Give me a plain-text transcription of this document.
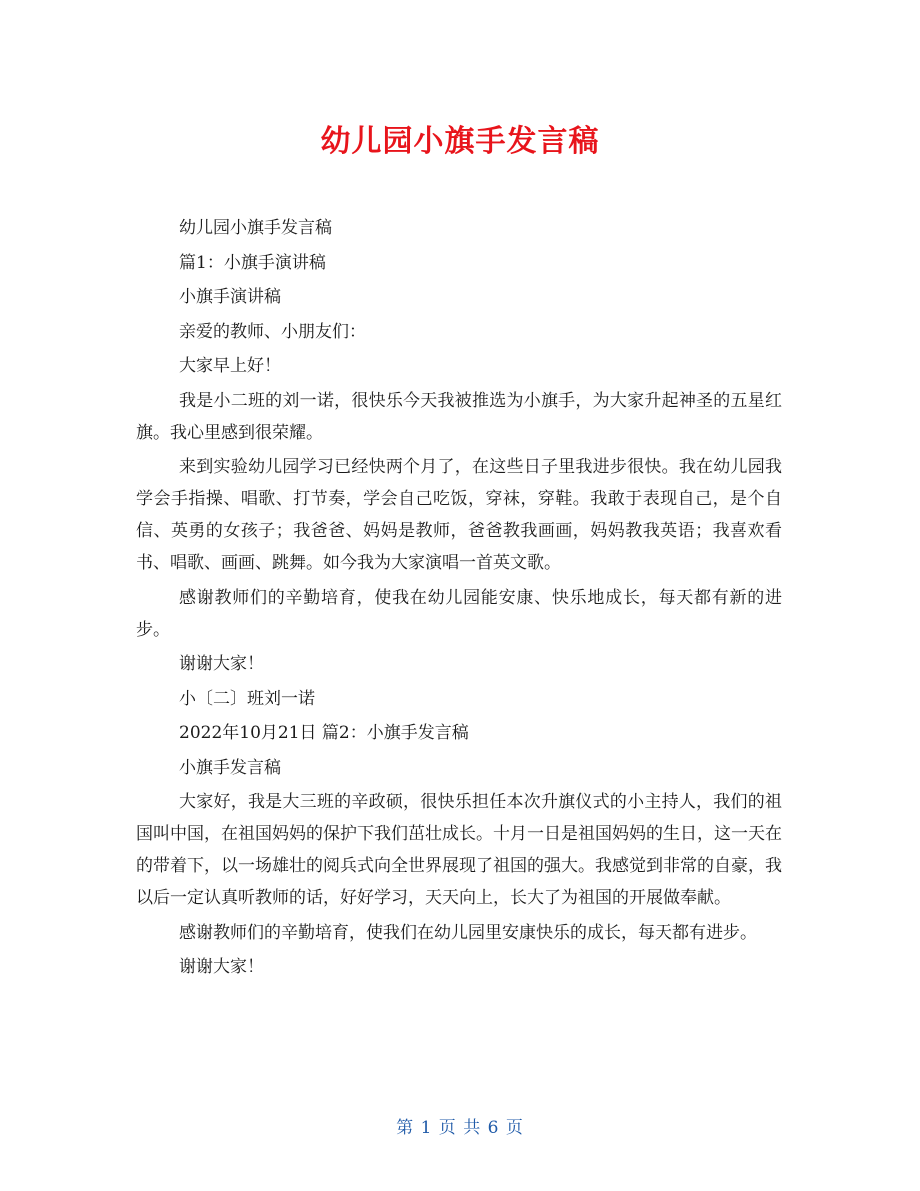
幼儿园小旗手发言稿

幼儿园小旗手发言稿

篇1：小旗手演讲稿

小旗手演讲稿

亲爱的教师、小朋友们：

大家早上好！

我是小二班的刘一诺，很快乐今天我被推选为小旗手，为大家升起神圣的五星红旗。我心里感到很荣耀。

来到实验幼儿园学习已经快两个月了，在这些日子里我进步很快。我在幼儿园我学会手指操、唱歌、打节奏，学会自己吃饭，穿袜，穿鞋。我敢于表现自己，是个自信、英勇的女孩子；我爸爸、妈妈是教师，爸爸教我画画，妈妈教我英语；我喜欢看书、唱歌、画画、跳舞。如今我为大家演唱一首英文歌。

感谢教师们的辛勤培育，使我在幼儿园能安康、快乐地成长，每天都有新的进步。

谢谢大家！

小〔二〕班刘一诺

2022年10月21日 篇2：小旗手发言稿

小旗手发言稿

大家好，我是大三班的辛政硕，很快乐担任本次升旗仪式的小主持人，我们的祖国叫中国，在祖国妈妈的保护下我们茁壮成长。十月一日是祖国妈妈的生日，这一天在的带着下，以一场雄壮的阅兵式向全世界展现了祖国的强大。我感觉到非常的自豪，我以后一定认真听教师的话，好好学习，天天向上，长大了为祖国的开展做奉献。

感谢教师们的辛勤培育，使我们在幼儿园里安康快乐的成长，每天都有进步。

谢谢大家！

第 1 页 共 6 页
